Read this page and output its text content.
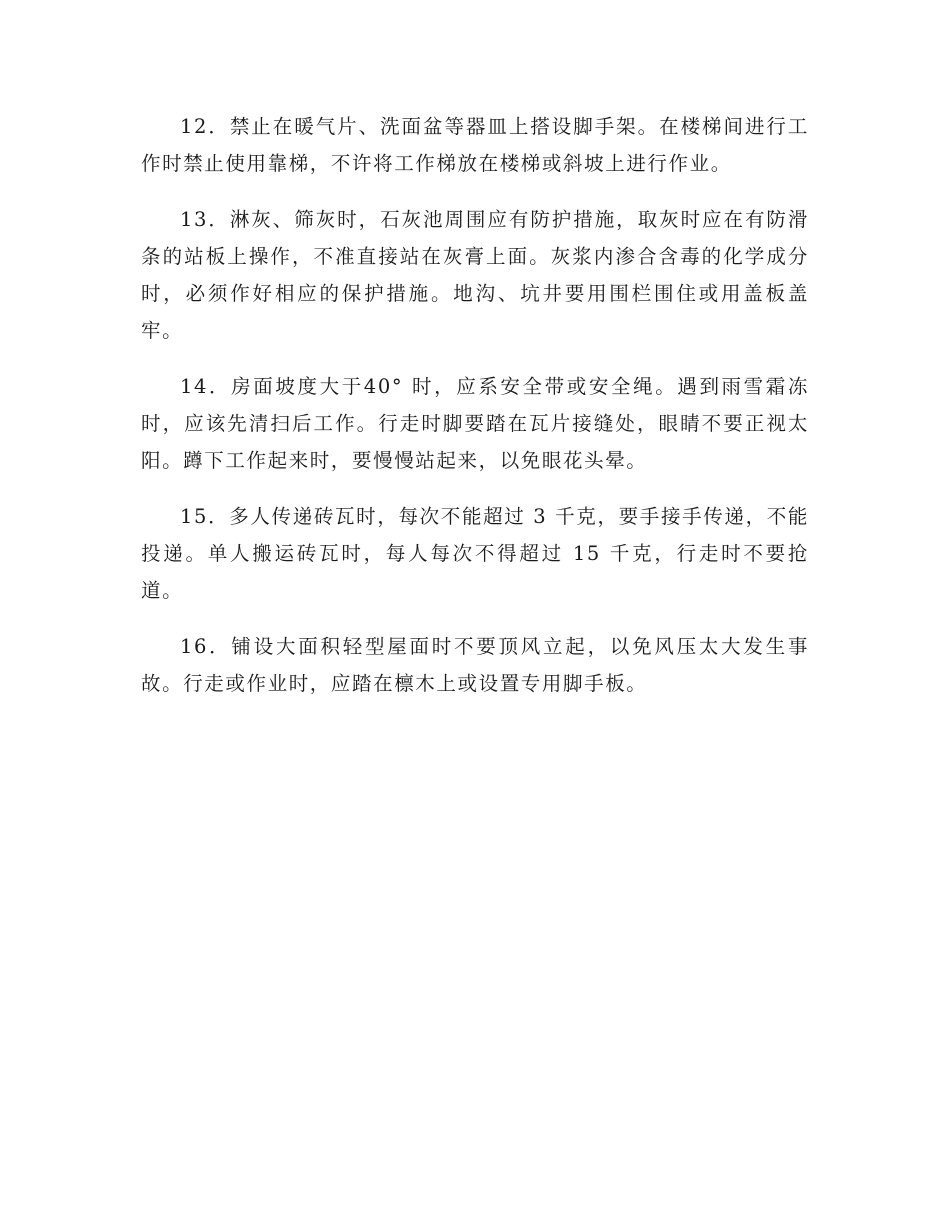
12．禁止在暖气片、洗面盆等器皿上搭设脚手架。在楼梯间进行工作时禁止使用靠梯，不许将工作梯放在楼梯或斜坡上进行作业。

13．淋灰、筛灰时，石灰池周围应有防护措施，取灰时应在有防滑条的站板上操作，不准直接站在灰膏上面。灰浆内渗合含毒的化学成分时，必须作好相应的保护措施。地沟、坑井要用围栏围住或用盖板盖牢。

14．房面坡度大于40° 时，应系安全带或安全绳。遇到雨雪霜冻时，应该先清扫后工作。行走时脚要踏在瓦片接缝处，眼睛不要正视太阳。蹲下工作起来时，要慢慢站起来，以免眼花头晕。

15．多人传递砖瓦时，每次不能超过 3 千克，要手接手传递，不能投递。单人搬运砖瓦时，每人每次不得超过 15 千克，行走时不要抢道。

16．铺设大面积轻型屋面时不要顶风立起，以免风压太大发生事故。行走或作业时，应踏在檩木上或设置专用脚手板。
